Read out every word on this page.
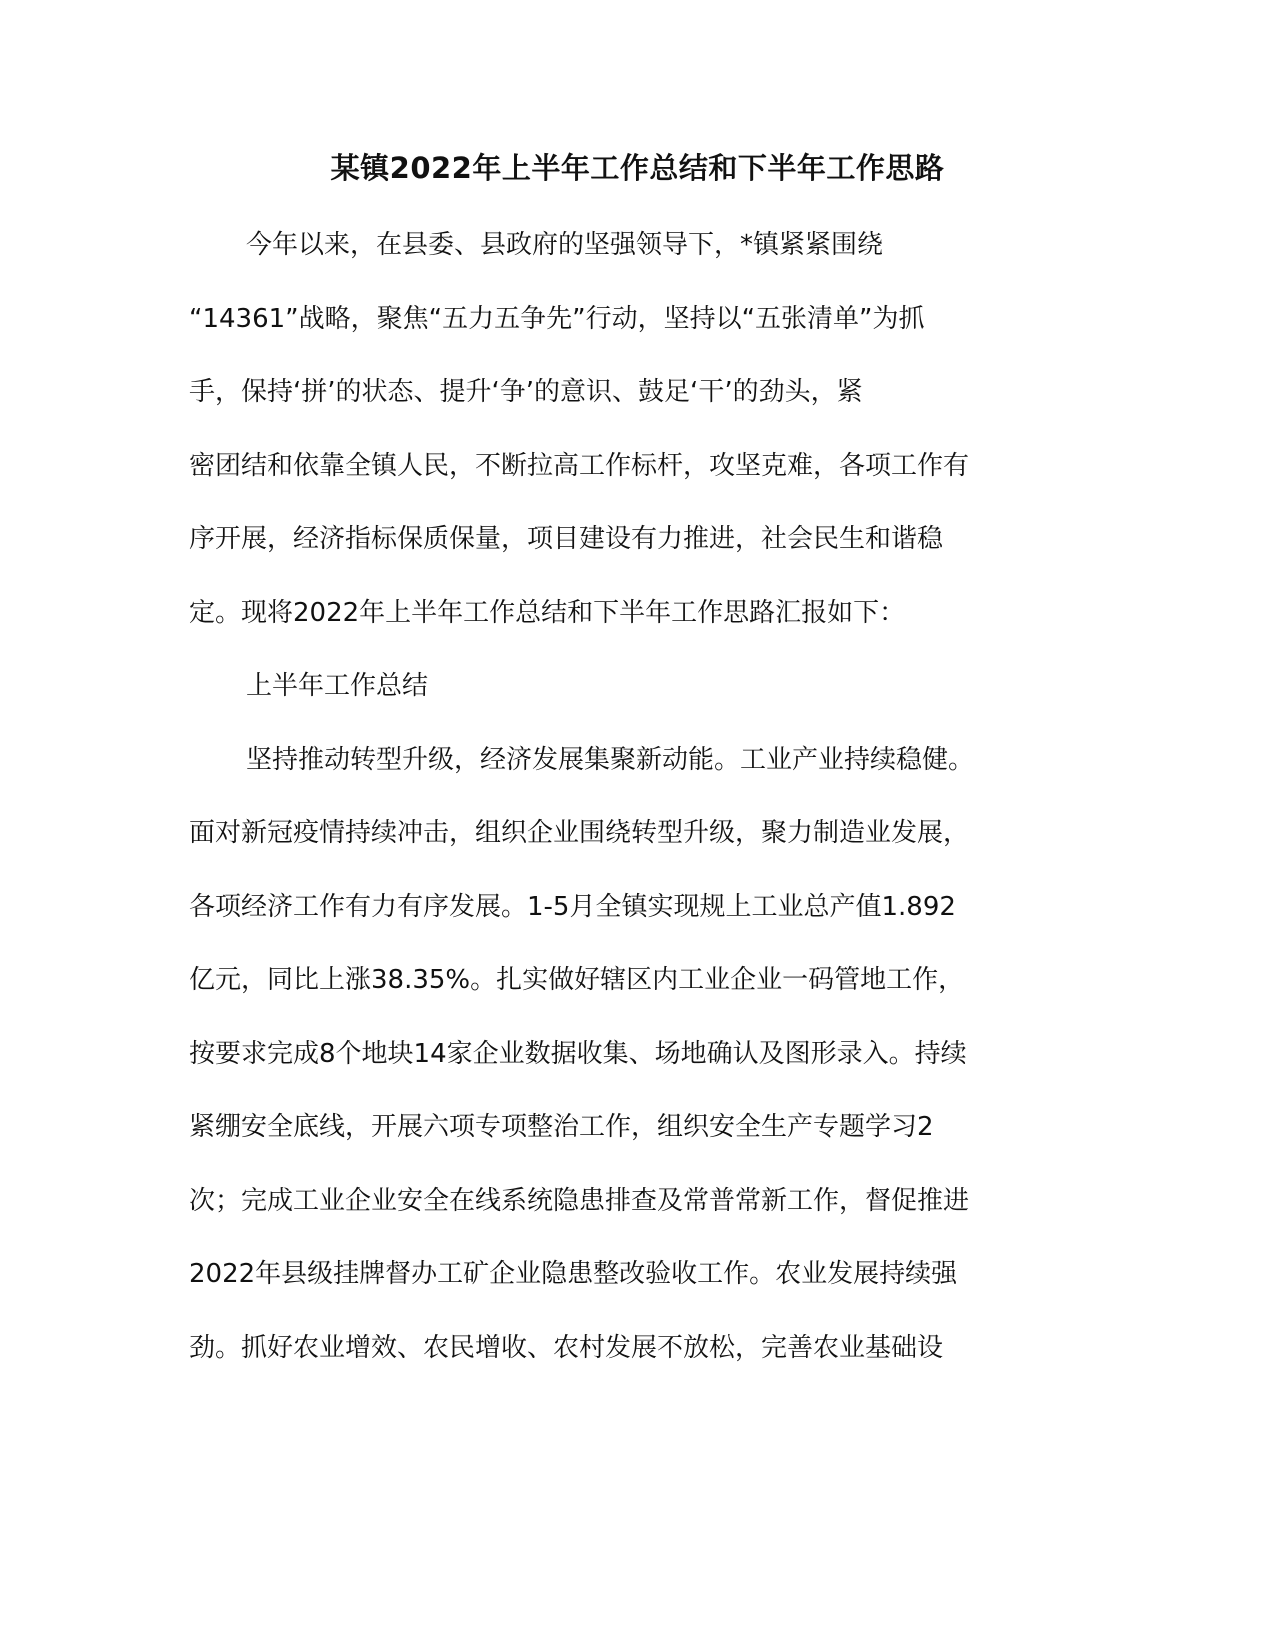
某镇2022年上半年工作总结和下半年工作思路
今年以来，在县委、县政府的坚强领导下，*镇紧紧围绕
“14361”战略，聚焦“五力五争先”行动，坚持以“五张清单”为抓
手，保持‘拼’的状态、提升‘争’的意识、鼓足‘干’的劲头，紧
密团结和依靠全镇人民，不断拉高工作标杆，攻坚克难，各项工作有
序开展，经济指标保质保量，项目建设有力推进，社会民生和谐稳
定。现将2022年上半年工作总结和下半年工作思路汇报如下：
上半年工作总结
坚持推动转型升级，经济发展集聚新动能。工业产业持续稳健。
面对新冠疫情持续冲击，组织企业围绕转型升级，聚力制造业发展，
各项经济工作有力有序发展。1-5月全镇实现规上工业总产值1.892
亿元，同比上涨38.35%。扎实做好辖区内工业企业一码管地工作，
按要求完成8个地块14家企业数据收集、场地确认及图形录入。持续
紧绷安全底线，开展六项专项整治工作，组织安全生产专题学习2
次；完成工业企业安全在线系统隐患排查及常普常新工作，督促推进
2022年县级挂牌督办工矿企业隐患整改验收工作。农业发展持续强
劲。抓好农业增效、农民增收、农村发展不放松，完善农业基础设
